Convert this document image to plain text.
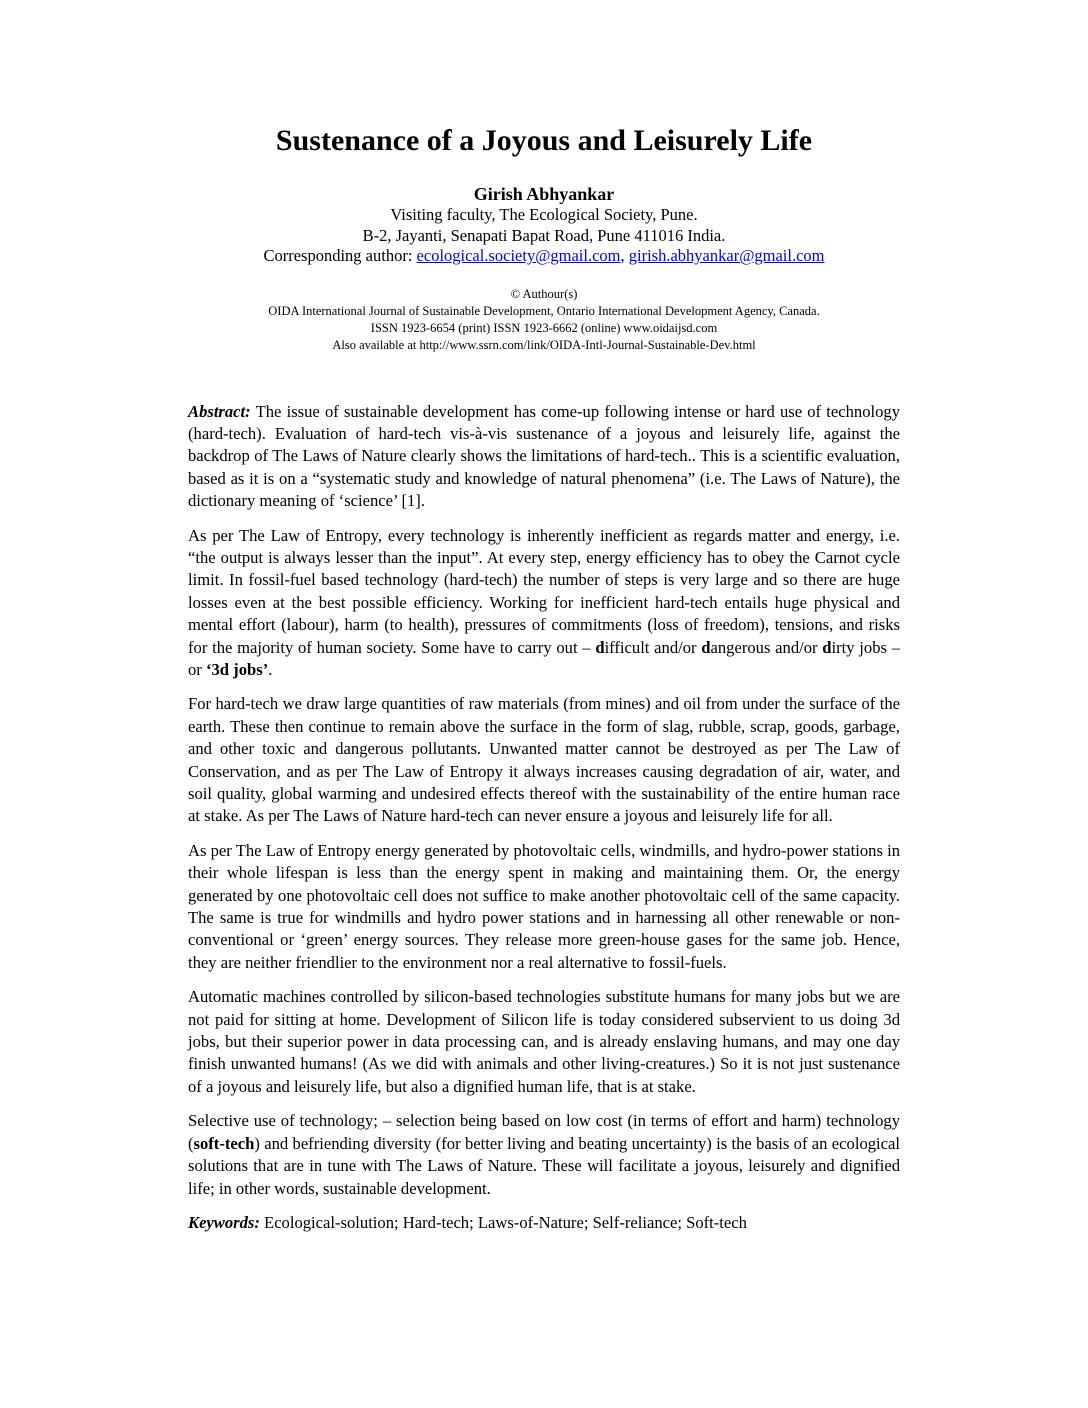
Sustenance of a Joyous and Leisurely Life
Girish Abhyankar
Visiting faculty, The Ecological Society, Pune.
B-2, Jayanti, Senapati Bapat Road, Pune 411016 India.
Corresponding author: ecological.society@gmail.com, girish.abhyankar@gmail.com
© Authour(s)
OIDA International Journal of Sustainable Development, Ontario International Development Agency, Canada.
ISSN 1923-6654 (print) ISSN 1923-6662 (online) www.oidaijsd.com
Also available at http://www.ssrn.com/link/OIDA-Intl-Journal-Sustainable-Dev.html

Abstract: The issue of sustainable development has come-up following intense or hard use of technology (hard-tech). Evaluation of hard-tech vis-à-vis sustenance of a joyous and leisurely life, against the backdrop of The Laws of Nature clearly shows the limitations of hard-tech.. This is a scientific evaluation, based as it is on a “systematic study and knowledge of natural phenomena” (i.e. The Laws of Nature), the dictionary meaning of ‘science’ [1].

As per The Law of Entropy, every technology is inherently inefficient as regards matter and energy, i.e. “the output is always lesser than the input”. At every step, energy efficiency has to obey the Carnot cycle limit. In fossil-fuel based technology (hard-tech) the number of steps is very large and so there are huge losses even at the best possible efficiency. Working for inefficient hard-tech entails huge physical and mental effort (labour), harm (to health), pressures of commitments (loss of freedom), tensions, and risks for the majority of human society. Some have to carry out – difficult and/or dangerous and/or dirty jobs – or ‘3d jobs’.

For hard-tech we draw large quantities of raw materials (from mines) and oil from under the surface of the earth. These then continue to remain above the surface in the form of slag, rubble, scrap, goods, garbage, and other toxic and dangerous pollutants. Unwanted matter cannot be destroyed as per The Law of Conservation, and as per The Law of Entropy it always increases causing degradation of air, water, and soil quality, global warming and undesired effects thereof with the sustainability of the entire human race at stake. As per The Laws of Nature hard-tech can never ensure a joyous and leisurely life for all.

As per The Law of Entropy energy generated by photovoltaic cells, windmills, and hydro-power stations in their whole lifespan is less than the energy spent in making and maintaining them. Or, the energy generated by one photovoltaic cell does not suffice to make another photovoltaic cell of the same capacity. The same is true for windmills and hydro power stations and in harnessing all other renewable or non-conventional or ‘green’ energy sources. They release more green-house gases for the same job. Hence, they are neither friendlier to the environment nor a real alternative to fossil-fuels.

Automatic machines controlled by silicon-based technologies substitute humans for many jobs but we are not paid for sitting at home. Development of Silicon life is today considered subservient to us doing 3d jobs, but their superior power in data processing can, and is already enslaving humans, and may one day finish unwanted humans! (As we did with animals and other living-creatures.) So it is not just sustenance of a joyous and leisurely life, but also a dignified human life, that is at stake.

Selective use of technology; – selection being based on low cost (in terms of effort and harm) technology (soft-tech) and befriending diversity (for better living and beating uncertainty) is the basis of an ecological solutions that are in tune with The Laws of Nature. These will facilitate a joyous, leisurely and dignified life; in other words, sustainable development.

Keywords: Ecological-solution; Hard-tech; Laws-of-Nature; Self-reliance; Soft-tech
